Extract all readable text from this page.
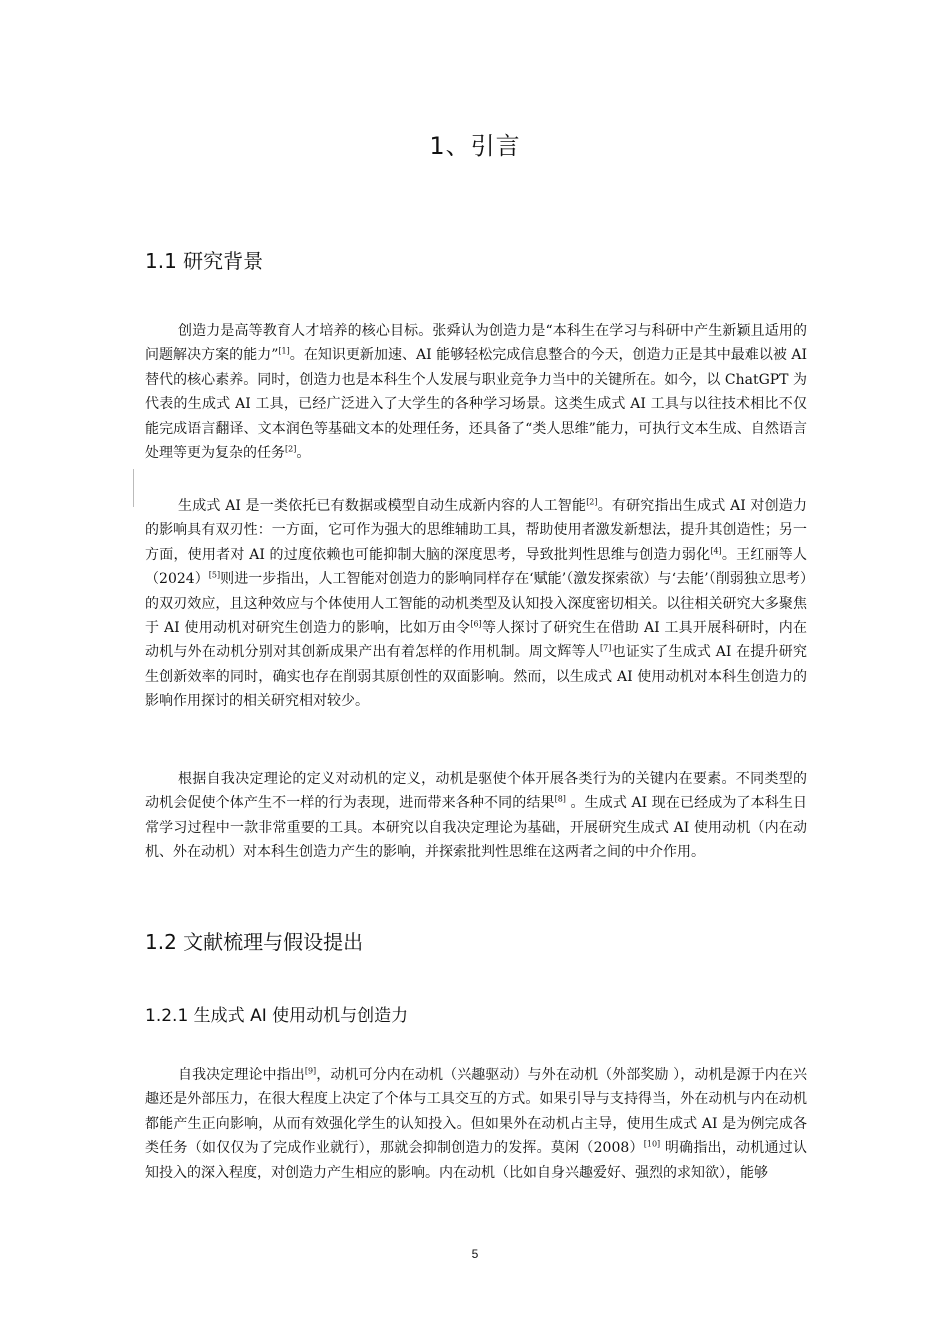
1、引言
1.1 研究背景

创造力是高等教育人才培养的核心目标。张舜认为创造力是“本科生在学习与科研中产生新颖且适用的问题解决方案的能力”[1]。在知识更新加速、AI 能够轻松完成信息整合的今天，创造力正是其中最难以被 AI 替代的核心素养。同时，创造力也是本科生个人发展与职业竞争力当中的关键所在。如今，以 ChatGPT 为代表的生成式 AI 工具，已经广泛进入了大学生的各种学习场景。这类生成式 AI 工具与以往技术相比不仅能完成语言翻译、文本润色等基础文本的处理任务，还具备了“类人思维”能力，可执行文本生成、自然语言处理等更为复杂的任务[2]。

生成式 AI 是一类依托已有数据或模型自动生成新内容的人工智能[2]。有研究指出生成式 AI 对创造力的影响具有双刃性：一方面，它可作为强大的思维辅助工具，帮助使用者激发新想法，提升其创造性；另一方面，使用者对 AI 的过度依赖也可能抑制大脑的深度思考，导致批判性思维与创造力弱化[4]。王红丽等人（2024）[5]则进一步指出，人工智能对创造力的影响同样存在‘赋能’（激发探索欲）与‘去能’（削弱独立思考）的双刃效应，且这种效应与个体使用人工智能的动机类型及认知投入深度密切相关。以往相关研究大多聚焦于 AI 使用动机对研究生创造力的影响，比如万由令[6]等人探讨了研究生在借助 AI 工具开展科研时，内在动机与外在动机分别对其创新成果产出有着怎样的作用机制。周文辉等人[7]也证实了生成式 AI 在提升研究生创新效率的同时，确实也存在削弱其原创性的双面影响。然而，以生成式 AI 使用动机对本科生创造力的影响作用探讨的相关研究相对较少。

根据自我决定理论的定义对动机的定义，动机是驱使个体开展各类行为的关键内在要素。不同类型的动机会促使个体产生不一样的行为表现，进而带来各种不同的结果[8] 。生成式 AI 现在已经成为了本科生日常学习过程中一款非常重要的工具。本研究以自我决定理论为基础，开展研究生成式 AI 使用动机（内在动机、外在动机）对本科生创造力产生的影响，并探索批判性思维在这两者之间的中介作用。

1.2 文献梳理与假设提出
1.2.1 生成式 AI 使用动机与创造力

自我决定理论中指出[9]，动机可分内在动机（兴趣驱动）与外在动机（外部奖励 ），动机是源于内在兴趣还是外部压力，在很大程度上决定了个体与工具交互的方式。如果引导与支持得当，外在动机与内在动机都能产生正向影响，从而有效强化学生的认知投入。但如果外在动机占主导，使用生成式 AI 是为例完成各类任务（如仅仅为了完成作业就行），那就会抑制创造力的发挥。莫闲（2008）[10] 明确指出，动机通过认知投入的深入程度，对创造力产生相应的影响。内在动机（比如自身兴趣爱好、强烈的求知欲），能够

5
